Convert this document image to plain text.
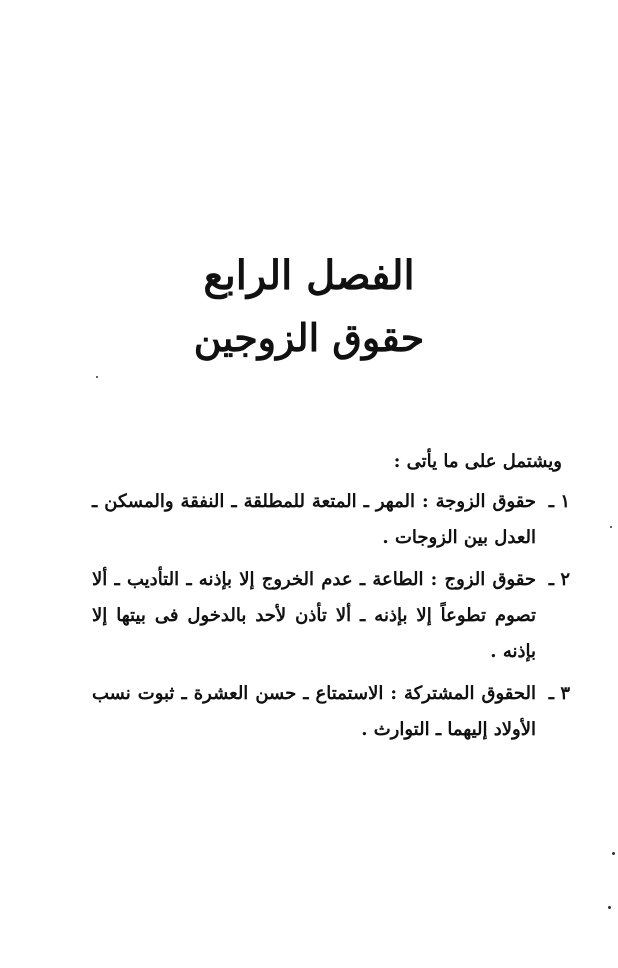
الفصل الرابع
حقوق الزوجين

ويشتمل على ما يأتى :

١ ـ
حقوق الزوجة : المهر ـ المتعة للمطلقة ـ النفقة والمسكن ـ العدل بين الزوجات .
٢ ـ
حقوق الزوج : الطاعة ـ عدم الخروج إلا بإذنه ـ التأديب ـ ألا تصوم تطوعاً إلا بإذنه ـ ألا تأذن لأحد بالدخول فى بيتها إلا بإذنه .
٣ ـ
الحقوق المشتركة : الاستمتاع ـ حسن العشرة ـ ثبوت نسب الأولاد إليهما ـ التوارث .
